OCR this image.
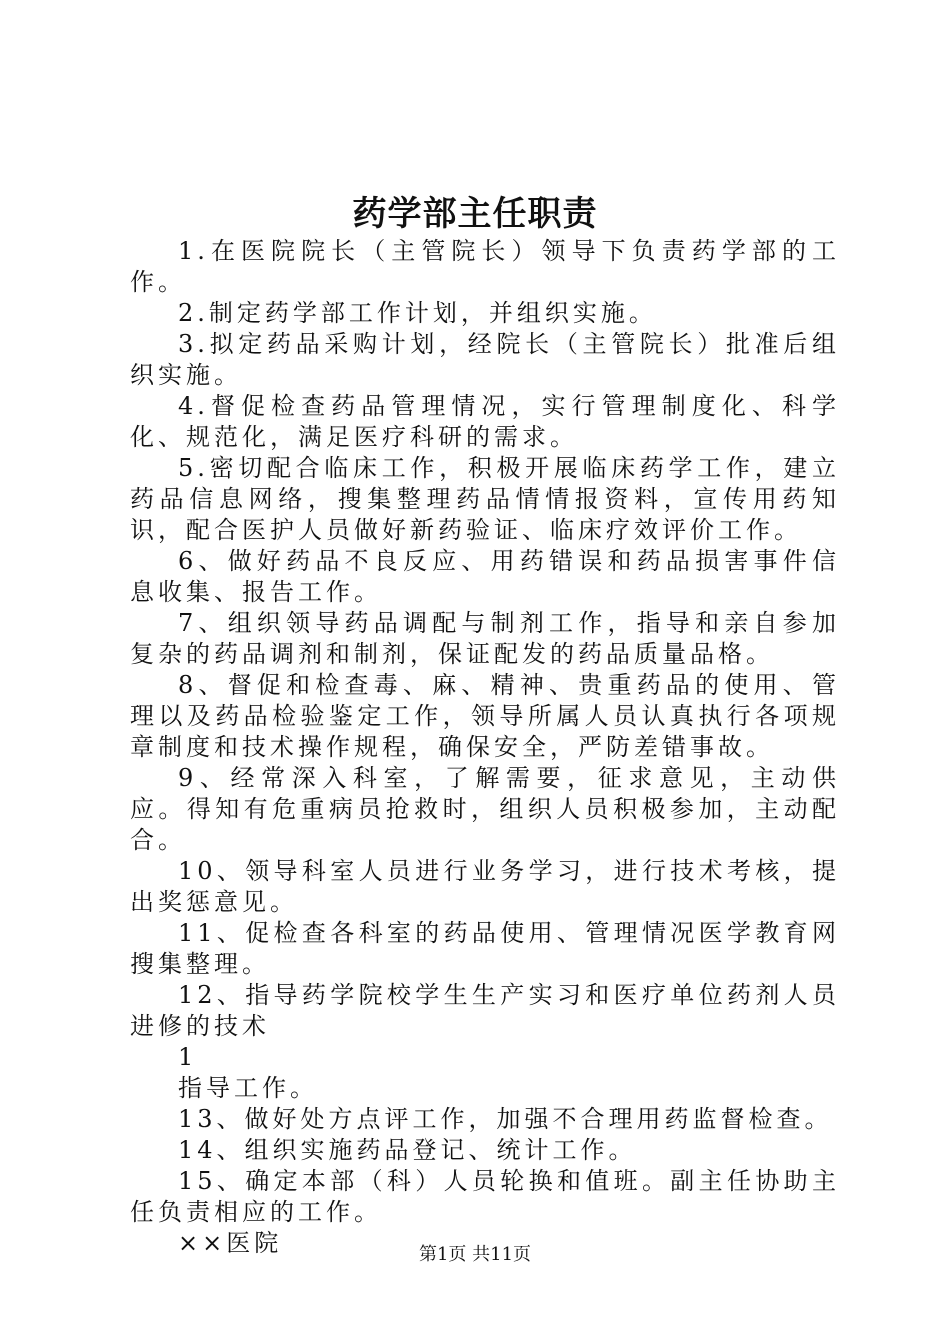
药学部主任职责

1.在医院院长（主管院长）领导下负责药学部的工作。

2.制定药学部工作计划，并组织实施。

3.拟定药品采购计划，经院长（主管院长）批准后组织实施。

4.督促检查药品管理情况，实行管理制度化、科学化、规范化，满足医疗科研的需求。

5.密切配合临床工作，积极开展临床药学工作，建立药品信息网络，搜集整理药品情情报资料，宣传用药知识，配合医护人员做好新药验证、临床疗效评价工作。

6、做好药品不良反应、用药错误和药品损害事件信息收集、报告工作。

7、组织领导药品调配与制剂工作，指导和亲自参加复杂的药品调剂和制剂，保证配发的药品质量品格。

8、督促和检查毒、麻、精神、贵重药品的使用、管理以及药品检验鉴定工作，领导所属人员认真执行各项规章制度和技术操作规程，确保安全，严防差错事故。

9、经常深入科室，了解需要，征求意见，主动供应。得知有危重病员抢救时，组织人员积极参加，主动配合。

10、领导科室人员进行业务学习，进行技术考核，提出奖惩意见。

11、促检查各科室的药品使用、管理情况医学教育网搜集整理。

12、指导药学院校学生生产实习和医疗单位药剂人员进修的技术

1

指导工作。

13、做好处方点评工作，加强不合理用药监督检查。

14、组织实施药品登记、统计工作。

15、确定本部（科）人员轮换和值班。副主任协助主任负责相应的工作。

××医院	第1页 共11页
